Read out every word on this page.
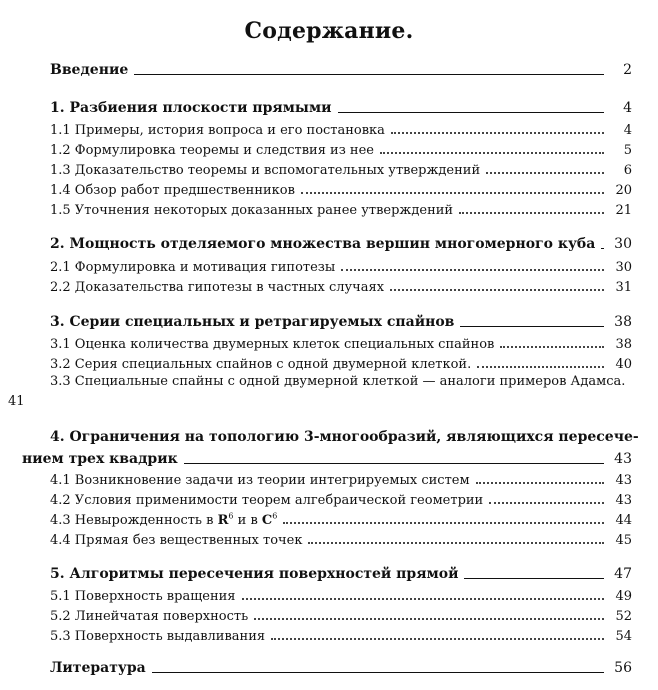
Содержание.
Введение	2
1. Разбиения плоскости прямыми	4
1.1 Примеры, история вопроса и его постановка	4
1.2 Формулировка теоремы и следствия из нее	5
1.3 Доказательство теоремы и вспомогательных утверждений	6
1.4 Обзор работ предшественников	20
1.5 Уточнения некоторых доказанных ранее утверждений	21
2. Мощность отделяемого множества вершин многомерного куба 30
2.1 Формулировка и мотивация гипотезы	30
2.2 Доказательства гипотезы в частных случаях	31
3. Серии специальных и ретрагируемых спайнов	38
3.1 Оценка количества двумерных клеток специальных спайнов	38
3.2 Серия специальных спайнов с одной двумерной клеткой.	40
3.3 Специальные спайны с одной двумерной клеткой — аналоги примеров Адамса.
41
4. Ограничения на топологию 3-многообразий, являющихся пересече-
нием трех квадрик	43
4.1 Возникновение задачи из теории интегрируемых систем	43
4.2 Условия применимости теорем алгебраической геометрии	43
4.3 Невырожденность в $R^6$ и в $C^6$	44
4.4 Прямая без вещественных точек	45
5. Алгоритмы пересечения поверхностей прямой	47
5.1 Поверхность вращения	49
5.2 Линейчатая поверхность	52
5.3 Поверхность выдавливания	54
Литература	56
